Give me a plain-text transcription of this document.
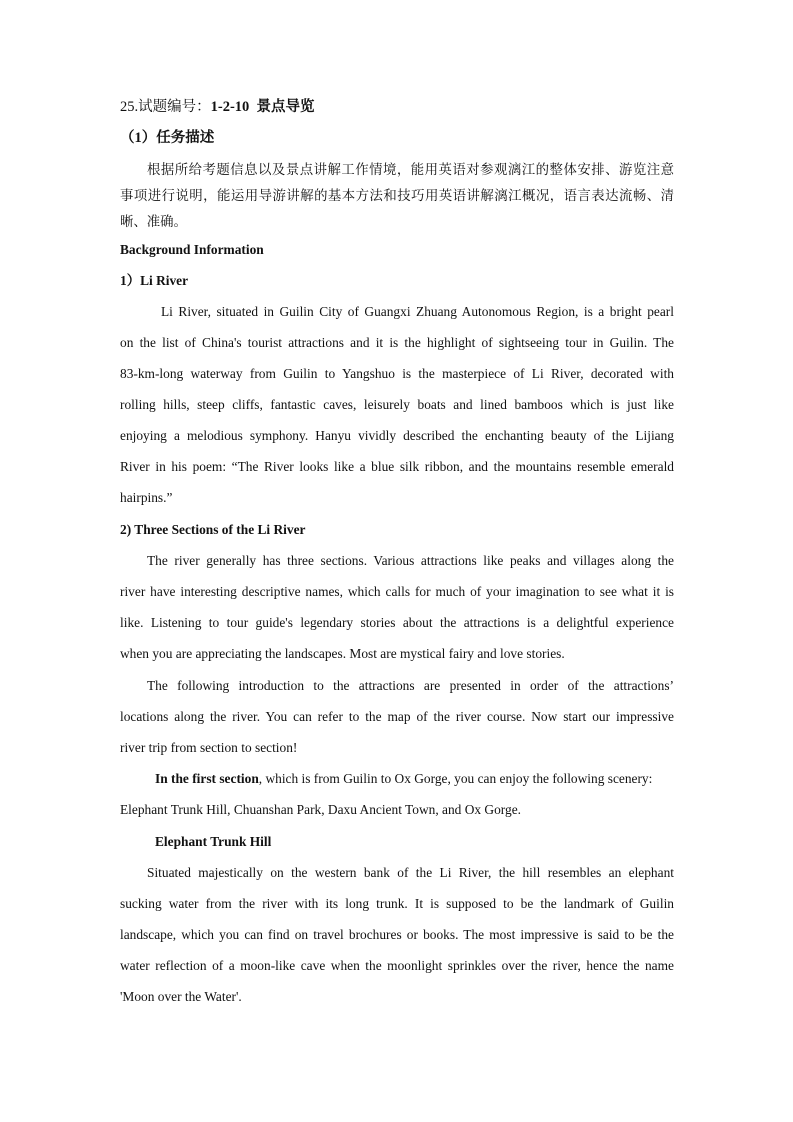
25.试题编号：1-2-10 景点导览
（1）任务描述
根据所给考题信息以及景点讲解工作情境，能用英语对参观漓江的整体安排、游览注意
事项进行说明，能运用导游讲解的基本方法和技巧用英语讲解漓江概况，语言表达流畅、清
晰、准确。
Background Information
1）Li River
Li River, situated in Guilin City of Guangxi Zhuang Autonomous Region, is a bright pearl
on the list of China's tourist attractions and it is the highlight of sightseeing tour in Guilin. The
83-km-long waterway from Guilin to Yangshuo is the masterpiece of Li River, decorated with
rolling hills, steep cliffs, fantastic caves, leisurely boats and lined bamboos which is just like
enjoying a melodious symphony. Hanyu vividly described the enchanting beauty of the Lijiang
River in his poem: “The River looks like a blue silk ribbon, and the mountains resemble emerald
hairpins.”
2) Three Sections of the Li River
The river generally has three sections. Various attractions like peaks and villages along the
river have interesting descriptive names, which calls for much of your imagination to see what it is
like. Listening to tour guide's legendary stories about the attractions is a delightful experience
when you are appreciating the landscapes. Most are mystical fairy and love stories.
The following introduction to the attractions are presented in order of the attractions’
locations along the river. You can refer to the map of the river course. Now start our impressive
river trip from section to section!
In the first section, which is from Guilin to Ox Gorge, you can enjoy the following scenery:
Elephant Trunk Hill, Chuanshan Park, Daxu Ancient Town, and Ox Gorge.
Elephant Trunk Hill
Situated majestically on the western bank of the Li River, the hill resembles an elephant
sucking water from the river with its long trunk. It is supposed to be the landmark of Guilin
landscape, which you can find on travel brochures or books. The most impressive is said to be the
water reflection of a moon-like cave when the moonlight sprinkles over the river, hence the name
'Moon over the Water'.
